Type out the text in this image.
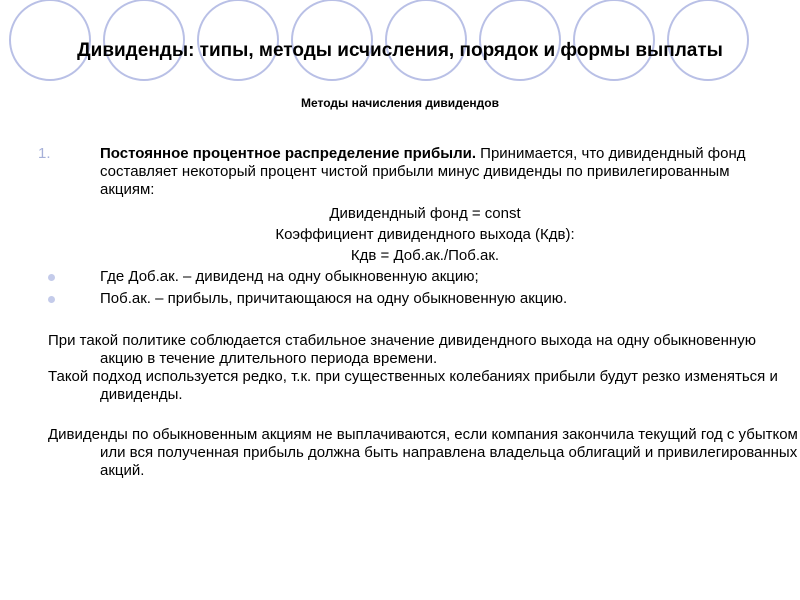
Дивиденды: типы, методы исчисления, порядок и формы выплаты
Методы начисления дивидендов
1.	Постоянное процентное распределение прибыли. Принимается, что дивидендный фонд составляет некоторый процент чистой прибыли минус дивиденды по привилегированным акциям:
Дивидендный фонд = const
Коэффициент дивидендного выхода (Кдв):
Кдв = Доб.ак./Поб.ак.
Где Доб.ак. – дивиденд на одну обыкновенную акцию;
Поб.ак. – прибыль, причитающаюся на одну обыкновенную акцию.
При такой политике соблюдается стабильное значение дивидендного выхода на одну обыкновенную акцию в течение длительного периода времени.
Такой подход используется редко, т.к. при существенных колебаниях прибыли будут резко изменяться и дивиденды.
Дивиденды по обыкновенным акциям не выплачиваются, если компания закончила текущий год с убытком или вся полученная прибыль должна быть направлена владельца облигаций и привилегированных акций.
